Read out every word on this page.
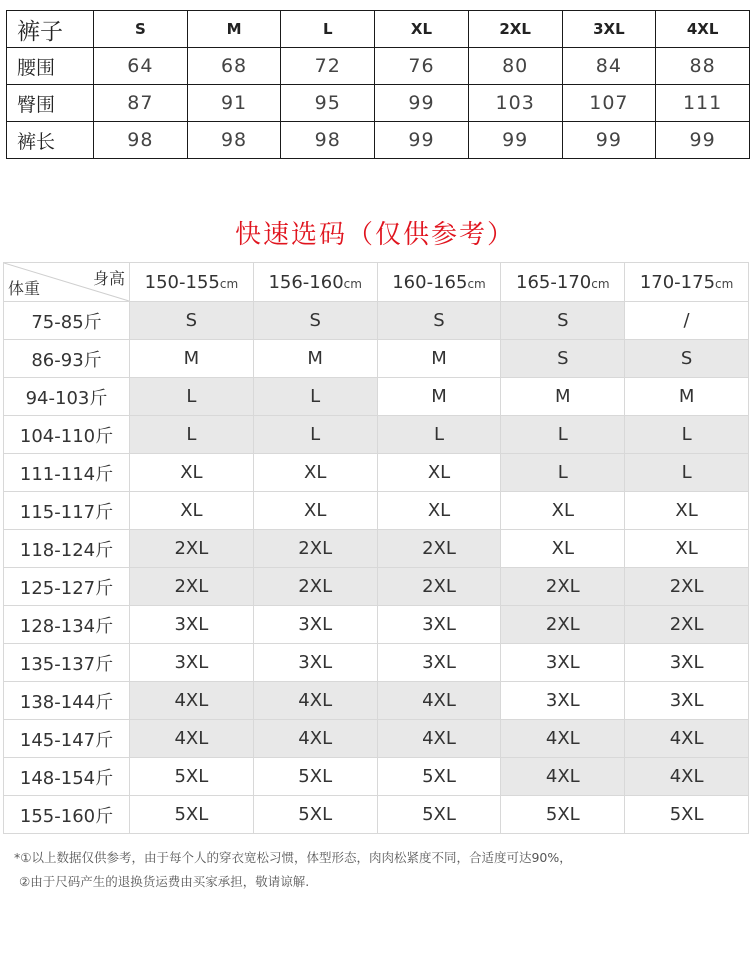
裤子	S	M	L	XL	2XL	3XL	4XL
腰围	64	68	72	76	80	84	88
臀围	87	91	95	99	103	107	111
裤长	98	98	98	99	99	99	99
快速选码（仅供参考）
身高
体重	150-155cm	156-160cm	160-165cm	165-170cm	170-175cm
75-85斤	S	S	S	S	/
86-93斤	M	M	M	S	S
94-103斤	L	L	M	M	M
104-110斤	L	L	L	L	L
111-114斤	XL	XL	XL	L	L
115-117斤	XL	XL	XL	XL	XL
118-124斤	2XL	2XL	2XL	XL	XL
125-127斤	2XL	2XL	2XL	2XL	2XL
128-134斤	3XL	3XL	3XL	2XL	2XL
135-137斤	3XL	3XL	3XL	3XL	3XL
138-144斤	4XL	4XL	4XL	3XL	3XL
145-147斤	4XL	4XL	4XL	4XL	4XL
148-154斤	5XL	5XL	5XL	4XL	4XL
155-160斤	5XL	5XL	5XL	5XL	5XL
*①以上数据仅供参考，由于每个人的穿衣宽松习惯，体型形态，肉肉松紧度不同，合适度可达90%，
②由于尺码产生的退换货运费由买家承担，敬请谅解.
